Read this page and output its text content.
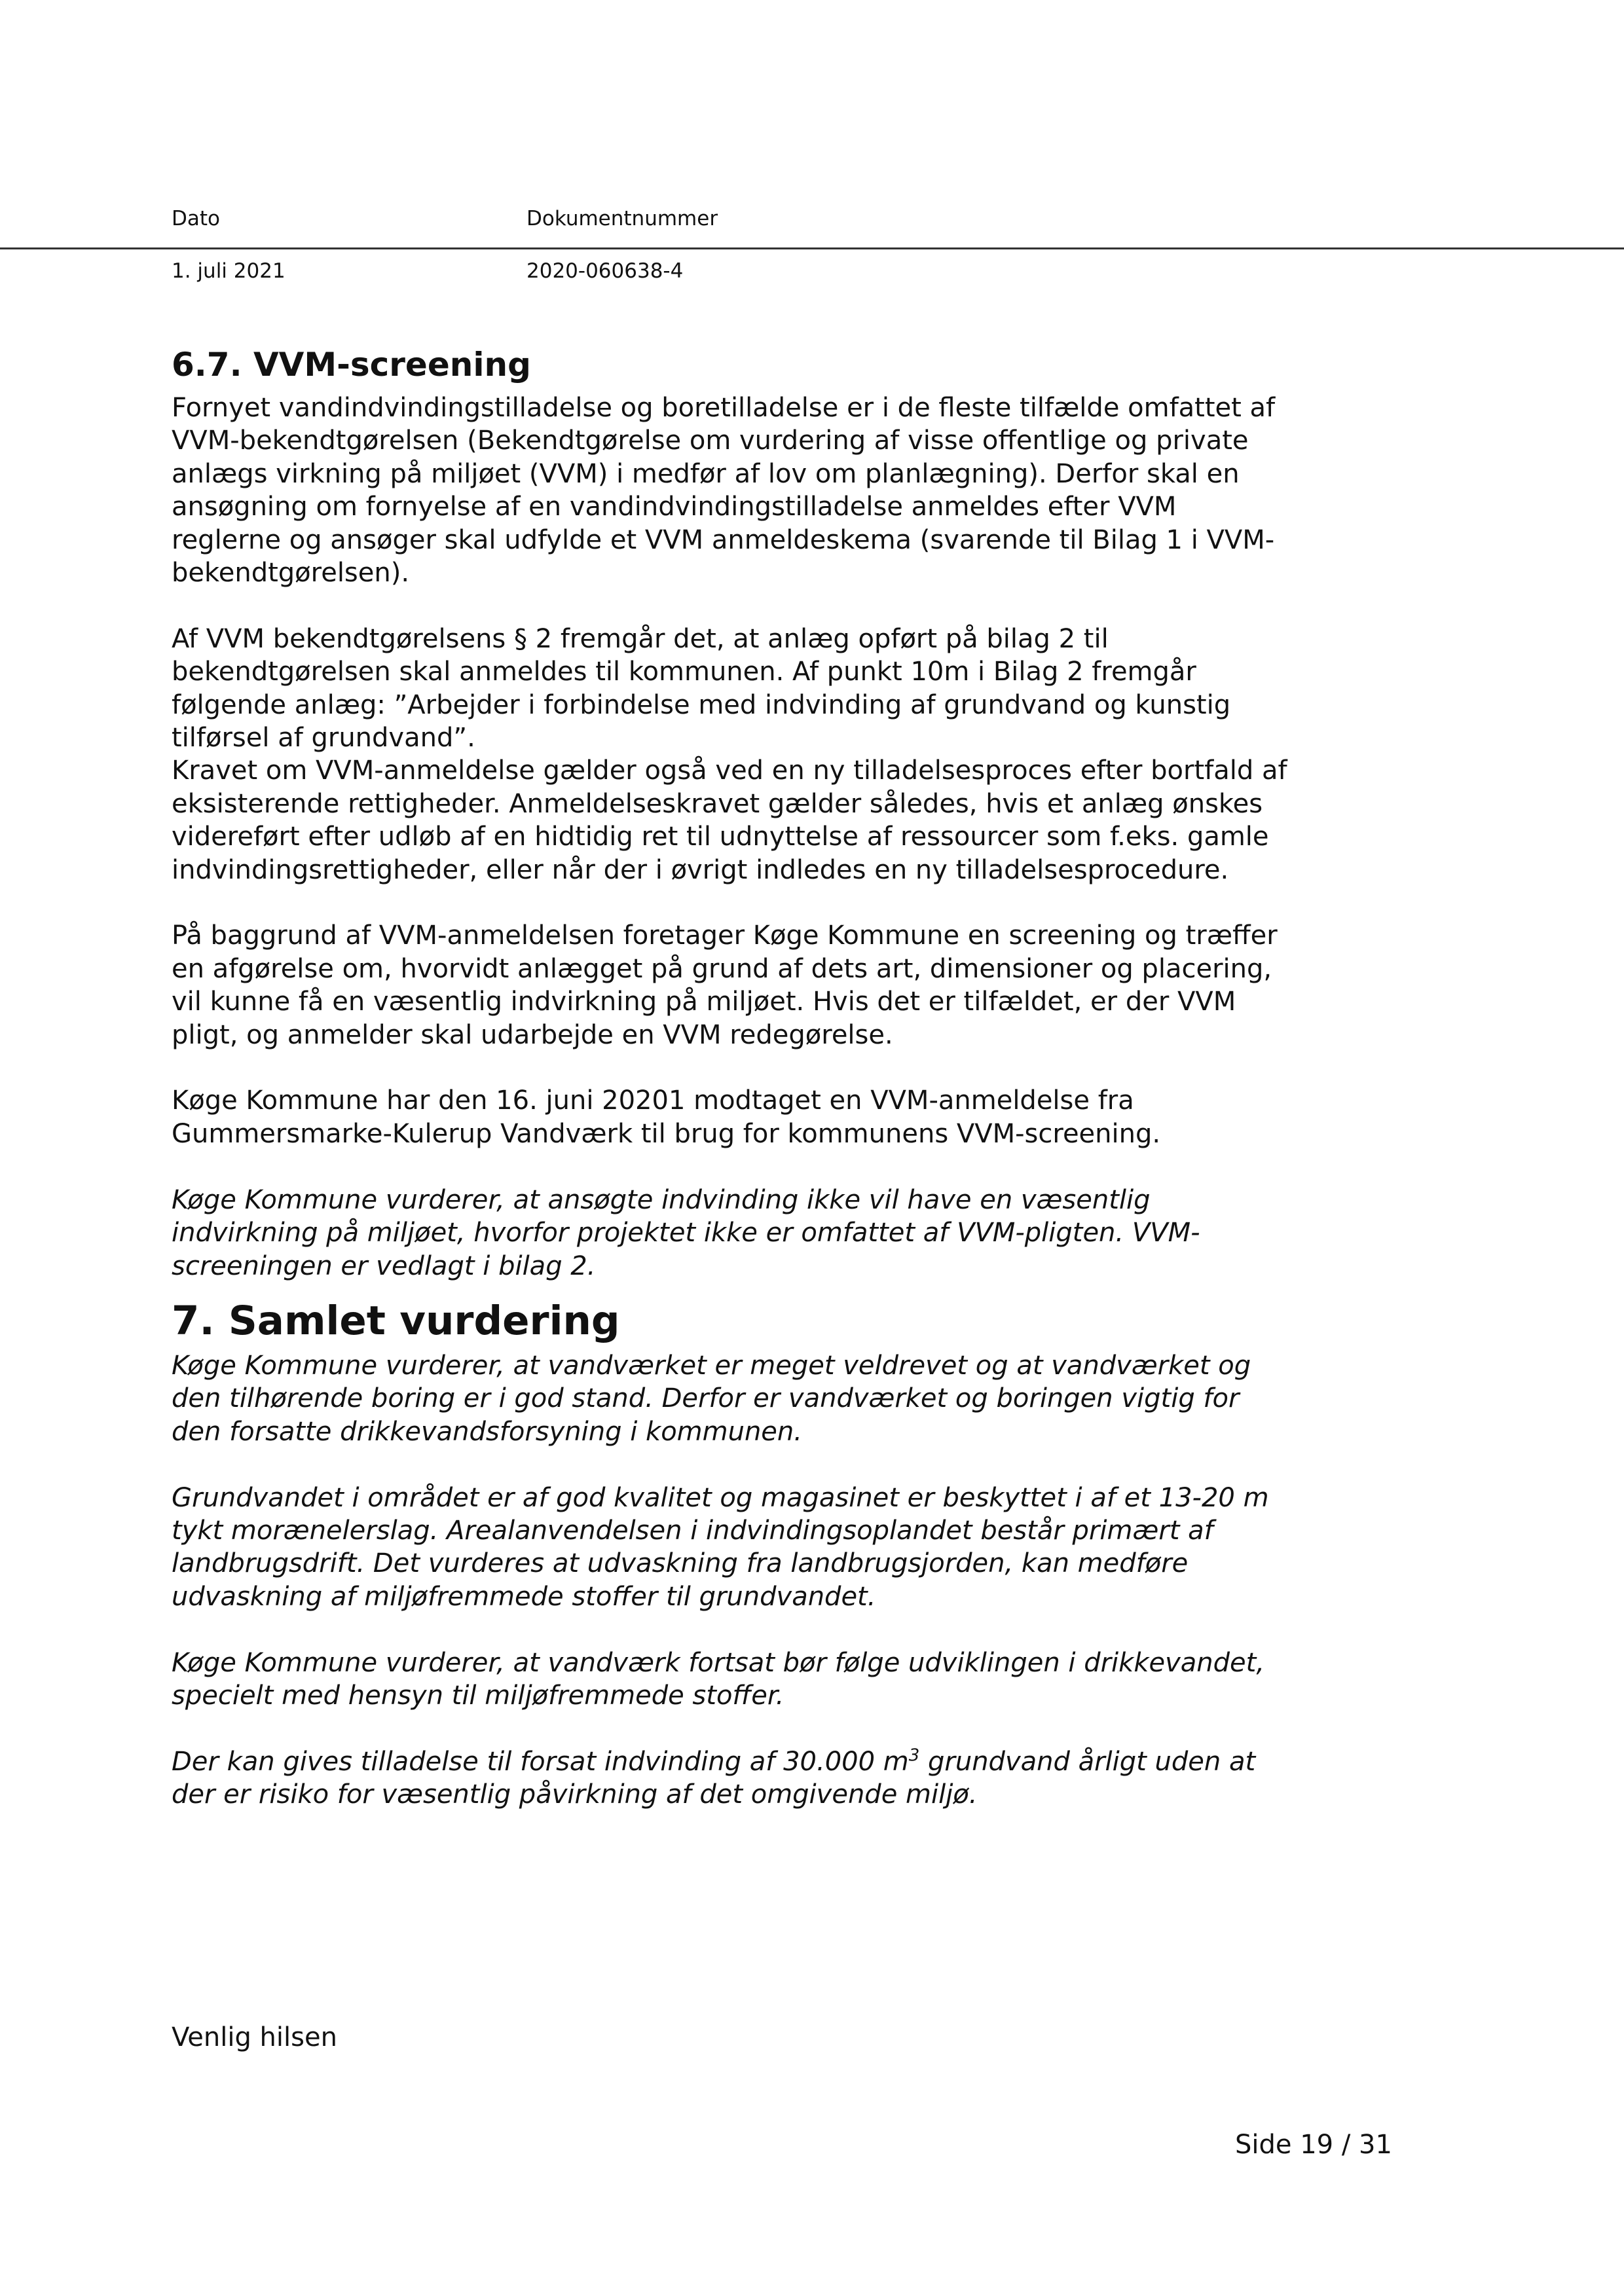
Dato	Dokumentnummer
1. juli 2021	2020-060638-4
6.7. VVM-screening

Fornyet vandindvindingstilladelse og boretilladelse er i de fleste tilfælde omfattet af
VVM-bekendtgørelsen (Bekendtgørelse om vurdering af visse offentlige og private
anlægs virkning på miljøet (VVM) i medfør af lov om planlægning). Derfor skal en
ansøgning om fornyelse af en vandindvindingstilladelse anmeldes efter VVM
reglerne og ansøger skal udfylde et VVM anmeldeskema (svarende til Bilag 1 i VVM-
bekendtgørelsen).

Af VVM bekendtgørelsens § 2 fremgår det, at anlæg opført på bilag 2 til
bekendtgørelsen skal anmeldes til kommunen. Af punkt 10m i Bilag 2 fremgår
følgende anlæg: ”Arbejder i forbindelse med indvinding af grundvand og kunstig
tilførsel af grundvand”.

Kravet om VVM-anmeldelse gælder også ved en ny tilladelsesproces efter bortfald af
eksisterende rettigheder. Anmeldelseskravet gælder således, hvis et anlæg ønskes
videreført efter udløb af en hidtidig ret til udnyttelse af ressourcer som f.eks. gamle
indvindingsrettigheder, eller når der i øvrigt indledes en ny tilladelsesprocedure.

På baggrund af VVM-anmeldelsen foretager Køge Kommune en screening og træffer
en afgørelse om, hvorvidt anlægget på grund af dets art, dimensioner og placering,
vil kunne få en væsentlig indvirkning på miljøet. Hvis det er tilfældet, er der VVM
pligt, og anmelder skal udarbejde en VVM redegørelse.

Køge Kommune har den 16. juni 20201 modtaget en VVM-anmeldelse fra
Gummersmarke-Kulerup Vandværk til brug for kommunens VVM-screening.

Køge Kommune vurderer, at ansøgte indvinding ikke vil have en væsentlig
indvirkning på miljøet, hvorfor projektet ikke er omfattet af VVM-pligten. VVM-
screeningen er vedlagt i bilag 2.

7. Samlet vurdering

Køge Kommune vurderer, at vandværket er meget veldrevet og at vandværket og
den tilhørende boring er i god stand. Derfor er vandværket og boringen vigtig for
den forsatte drikkevandsforsyning i kommunen.

Grundvandet i området er af god kvalitet og magasinet er beskyttet i af et 13-20 m
tykt morænelerslag. Arealanvendelsen i indvindingsoplandet består primært af
landbrugsdrift. Det vurderes at udvaskning fra landbrugsjorden, kan medføre
udvaskning af miljøfremmede stoffer til grundvandet.

Køge Kommune vurderer, at vandværk fortsat bør følge udviklingen i drikkevandet,
specielt med hensyn til miljøfremmede stoffer.

Der kan gives tilladelse til forsat indvinding af 30.000 $m^3$ grundvand årligt uden at
der er risiko for væsentlig påvirkning af det omgivende miljø.

Venlig hilsen
Side 19 / 31
